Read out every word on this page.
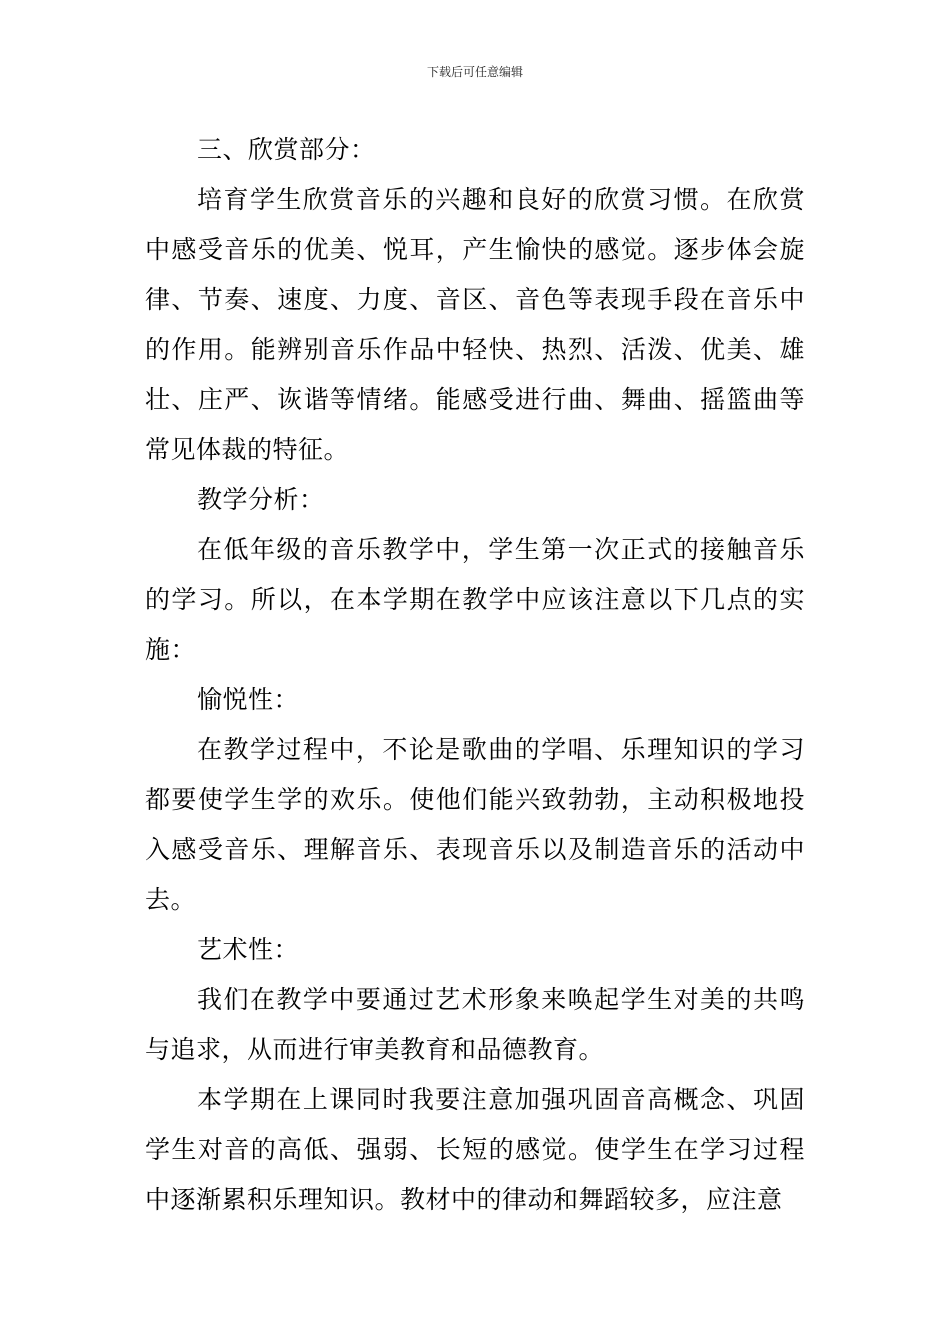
下载后可任意编辑

三、欣赏部分：

培育学生欣赏音乐的兴趣和良好的欣赏习惯。在欣赏中感受音乐的优美、悦耳，产生愉快的感觉。逐步体会旋律、节奏、速度、力度、音区、音色等表现手段在音乐中的作用。能辨别音乐作品中轻快、热烈、活泼、优美、雄壮、庄严、诙谐等情绪。能感受进行曲、舞曲、摇篮曲等常见体裁的特征。

教学分析：

在低年级的音乐教学中，学生第一次正式的接触音乐的学习。所以，在本学期在教学中应该注意以下几点的实施：

愉悦性：

在教学过程中，不论是歌曲的学唱、乐理知识的学习都要使学生学的欢乐。使他们能兴致勃勃，主动积极地投入感受音乐、理解音乐、表现音乐以及制造音乐的活动中去。

艺术性：

我们在教学中要通过艺术形象来唤起学生对美的共鸣与追求，从而进行审美教育和品德教育。

本学期在上课同时我要注意加强巩固音高概念、巩固学生对音的高低、强弱、长短的感觉。使学生在学习过程中逐渐累积乐理知识。教材中的律动和舞蹈较多，应注意
